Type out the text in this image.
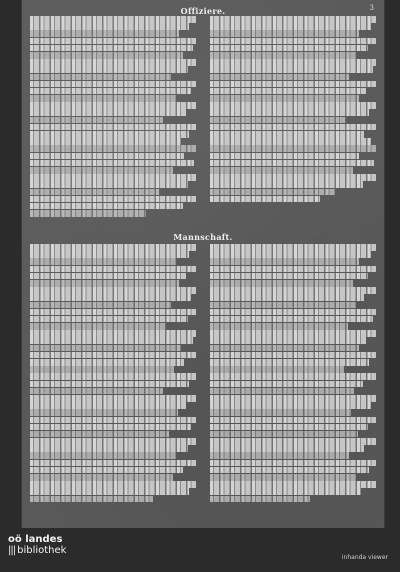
3
Offiziere.
Mannschaft.
oö landes
||| bibliothek
inhanda viewer
